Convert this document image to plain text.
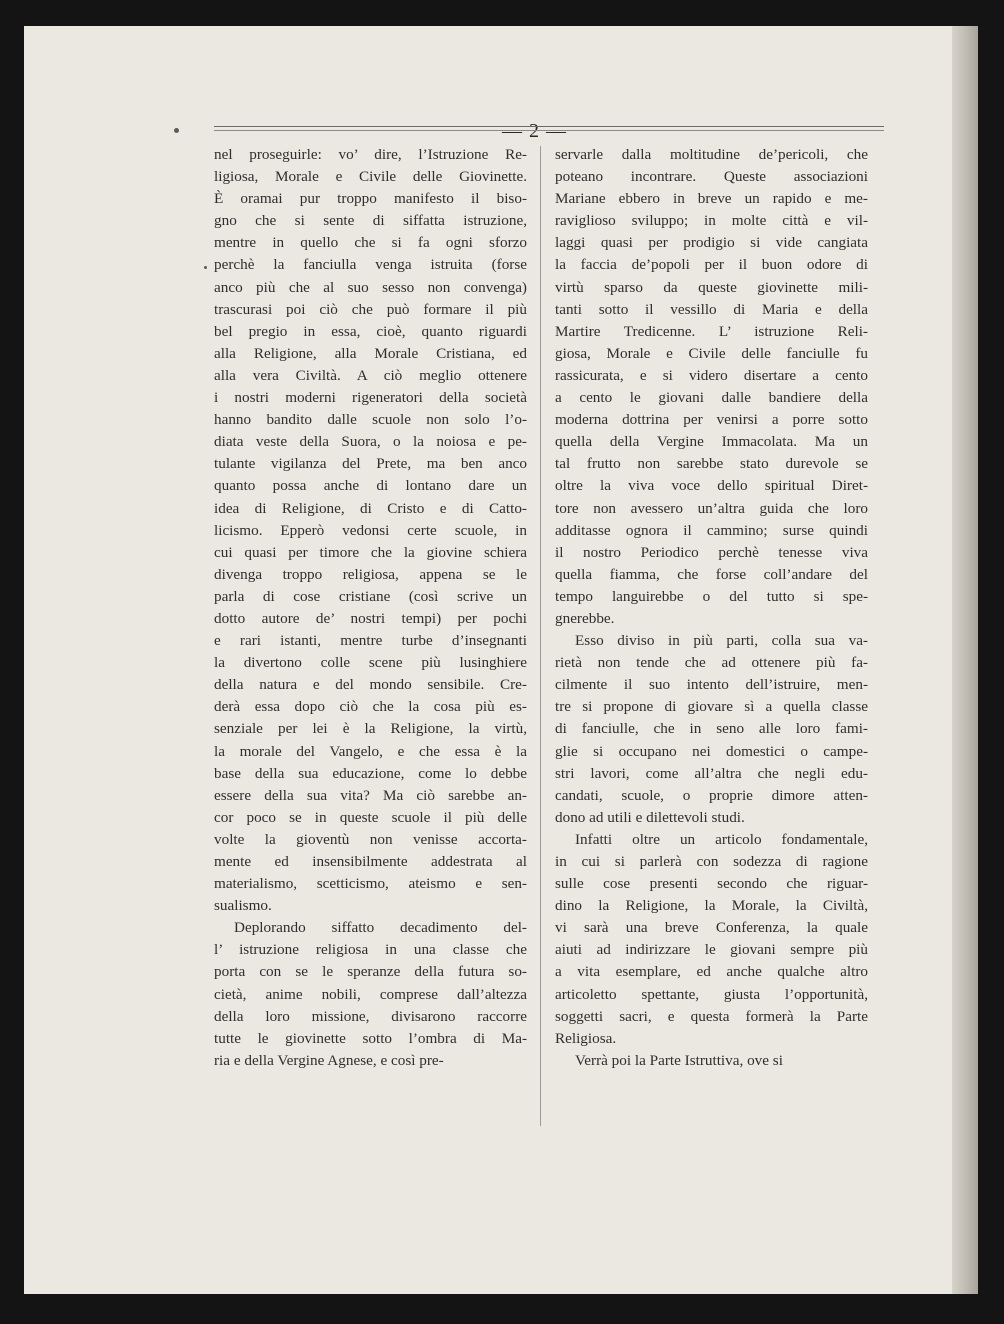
— 2 —
nel proseguirle: vo’ dire, l’Istruzione Re-
ligiosa, Morale e Civile delle Giovinette.
È oramai pur troppo manifesto il biso-
gno che si sente di siffatta istruzione,
mentre in quello che si fa ogni sforzo
perchè la fanciulla venga istruita (forse
anco più che al suo sesso non convenga)
trascurasi poi ciò che può formare il più
bel pregio in essa, cioè, quanto riguardi
alla Religione, alla Morale Cristiana, ed
alla vera Civiltà. A ciò meglio ottenere
i nostri moderni rigeneratori della società
hanno bandito dalle scuole non solo l’o-
diata veste della Suora, o la noiosa e pe-
tulante vigilanza del Prete, ma ben anco
quanto possa anche di lontano dare un
idea di Religione, di Cristo e di Catto-
licismo. Epperò vedonsi certe scuole, in
cui quasi per timore che la giovine schiera
divenga troppo religiosa, appena se le
parla di cose cristiane (così scrive un
dotto autore de’ nostri tempi) per pochi
e rari istanti, mentre turbe d’insegnanti
la divertono colle scene più lusinghiere
della natura e del mondo sensibile. Cre-
derà essa dopo ciò che la cosa più es-
senziale per lei è la Religione, la virtù,
la morale del Vangelo, e che essa è la
base della sua educazione, come lo debbe
essere della sua vita? Ma ciò sarebbe an-
cor poco se in queste scuole il più delle
volte la gioventù non venisse accorta-
mente ed insensibilmente addestrata al
materialismo, scetticismo, ateismo e sen-
sualismo.
Deplorando siffatto decadimento del-
l’ istruzione religiosa in una classe che
porta con se le speranze della futura so-
cietà, anime nobili, comprese dall’altezza
della loro missione, divisarono raccorre
tutte le giovinette sotto l’ombra di Ma-
ria e della Vergine Agnese, e così pre-
servarle dalla moltitudine de’pericoli, che
poteano incontrare. Queste associazioni
Mariane ebbero in breve un rapido e me-
raviglioso sviluppo; in molte città e vil-
laggi quasi per prodigio si vide cangiata
la faccia de’popoli per il buon odore di
virtù sparso da queste giovinette mili-
tanti sotto il vessillo di Maria e della
Martire Tredicenne. L’ istruzione Reli-
giosa, Morale e Civile delle fanciulle fu
rassicurata, e si videro disertare a cento
a cento le giovani dalle bandiere della
moderna dottrina per venirsi a porre sotto
quella della Vergine Immacolata. Ma un
tal frutto non sarebbe stato durevole se
oltre la viva voce dello spiritual Diret-
tore non avessero un’altra guida che loro
additasse ognora il cammino; surse quindi
il nostro Periodico perchè tenesse viva
quella fiamma, che forse coll’andare del
tempo languirebbe o del tutto si spe-
gnerebbe.
Esso diviso in più parti, colla sua va-
rietà non tende che ad ottenere più fa-
cilmente il suo intento dell’istruire, men-
tre si propone di giovare sì a quella classe
di fanciulle, che in seno alle loro fami-
glie si occupano nei domestici o campe-
stri lavori, come all’altra che negli edu-
candati, scuole, o proprie dimore atten-
dono ad utili e dilettevoli studi.
Infatti oltre un articolo fondamentale,
in cui si parlerà con sodezza di ragione
sulle cose presenti secondo che riguar-
dino la Religione, la Morale, la Civiltà,
vi sarà una breve Conferenza, la quale
aiuti ad indirizzare le giovani sempre più
a vita esemplare, ed anche qualche altro
articoletto spettante, giusta l’opportunità,
soggetti sacri, e questa formerà la Parte
Religiosa.
Verrà poi la Parte Istruttiva, ove si
